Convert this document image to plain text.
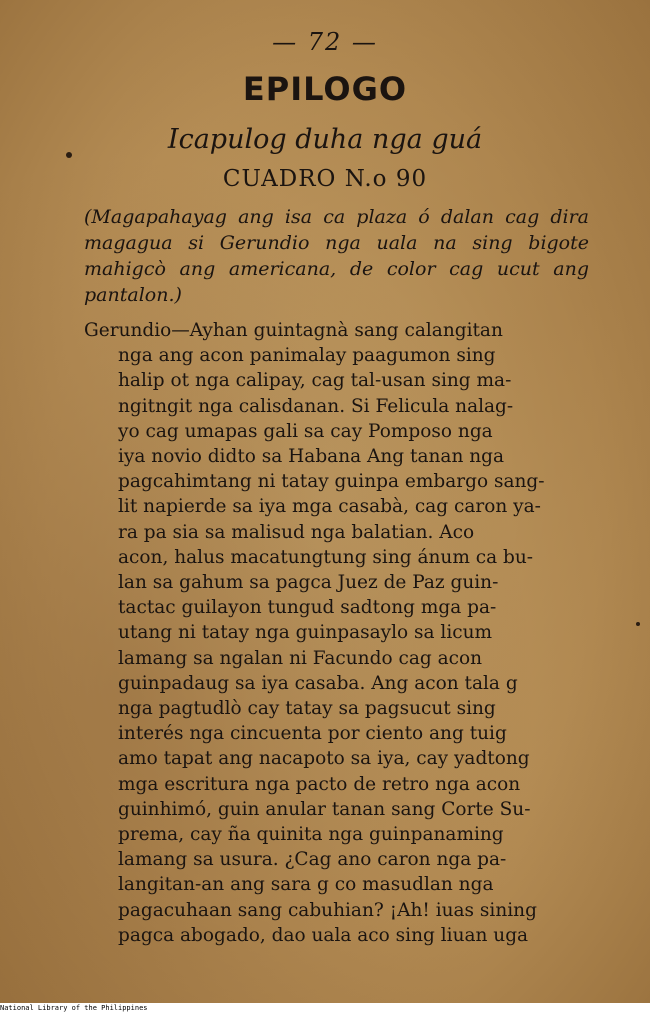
— 72 —
EPILOGO
Icapulog duha nga guá
CUADRO N.o 90
(Magapahayag ang isa ca plaza ó dalan cag dira magagua si Gerundio nga uala na sing bigote mahigcò ang americana, de color cag ucut ang pantalon.)
Gerundio—Ayhan guintagnà sang calangitan
nga ang acon panimalay paagumon sing
halip ot nga calipay, cag tal-usan sing ma-
ngitngit nga calisdanan. Si Felicula nalag-
yo cag umapas gali sa cay Pomposo nga
iya novio didto sa Habana Ang tanan nga
pagcahimtang ni tatay guinpa embargo sang-
lit napierde sa iya mga casabà, cag caron ya-
ra pa sia sa malisud nga balatian. Aco
acon, halus macatungtung sing ánum ca bu-
lan sa gahum sa pagca Juez de Paz guin-
tactac guilayon tungud sadtong mga pa-
utang ni tatay nga guinpasaylo sa licum
lamang sa ngalan ni Facundo cag acon
guinpadaug sa iya casaba. Ang acon tala g
nga pagtudlò cay tatay sa pagsucut sing
interés nga cincuenta por ciento ang tuig
amo tapat ang nacapoto sa iya, cay yadtong
mga escritura nga pacto de retro nga acon
guinhimó, guin anular tanan sang Corte Su-
prema, cay ña quinita nga guinpanaming
lamang sa usura. ¿Cag ano caron nga pa-
langitan-an ang sara g co masudlan nga
pagacuhaan sang cabuhian? ¡Ah! iuas sining
pagca abogado, dao uala aco sing liuan uga
National Library of the Philippines
